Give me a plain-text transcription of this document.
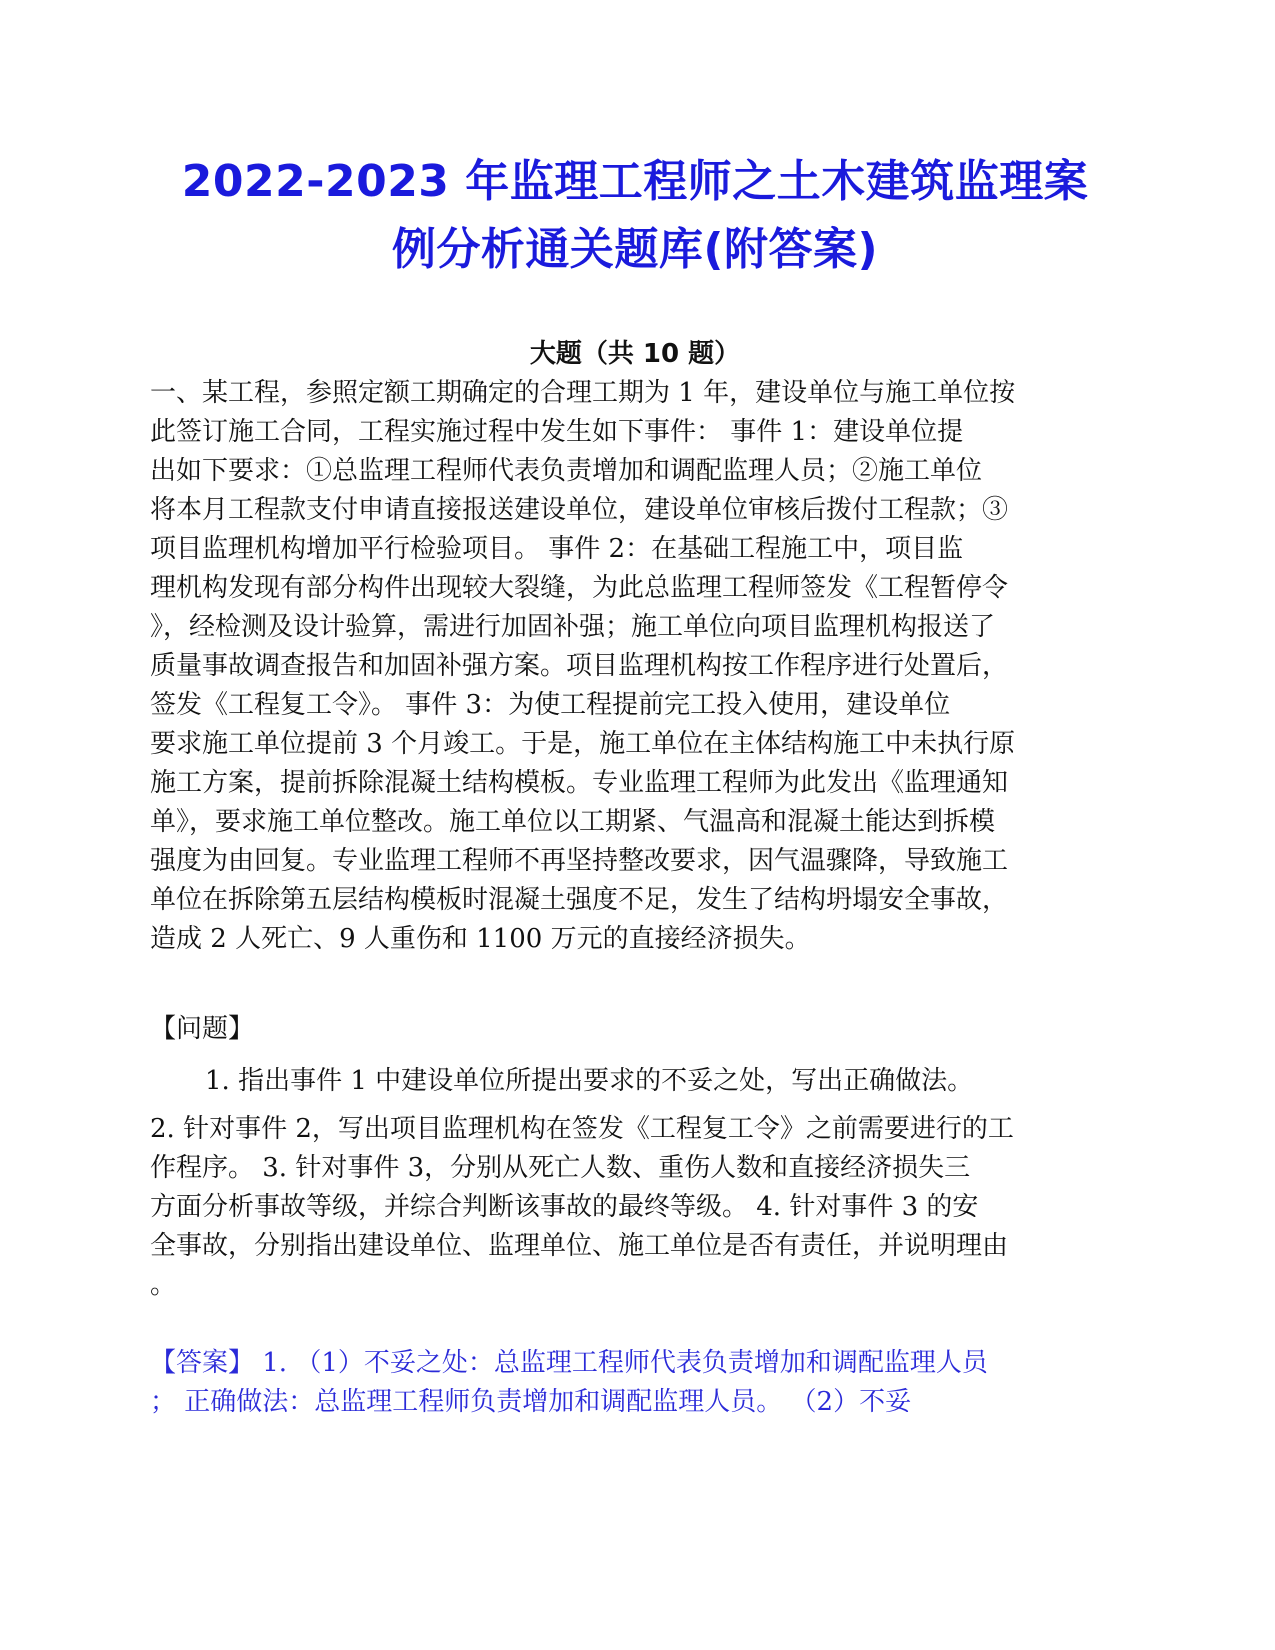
2022-2023 年监理工程师之土木建筑监理案
例分析通关题库(附答案)
大题（共 10 题）
一、某工程，参照定额工期确定的合理工期为 1 年，建设单位与施工单位按
此签订施工合同，工程实施过程中发生如下事件： 事件 1：建设单位提
出如下要求：①总监理工程师代表负责增加和调配监理人员；②施工单位
将本月工程款支付申请直接报送建设单位，建设单位审核后拨付工程款；③
项目监理机构增加平行检验项目。 事件 2：在基础工程施工中，项目监
理机构发现有部分构件出现较大裂缝，为此总监理工程师签发《工程暂停令
》，经检测及设计验算，需进行加固补强；施工单位向项目监理机构报送了
质量事故调查报告和加固补强方案。项目监理机构按工作程序进行处置后，
签发《工程复工令》。 事件 3：为使工程提前完工投入使用，建设单位
要求施工单位提前 3 个月竣工。于是，施工单位在主体结构施工中未执行原
施工方案，提前拆除混凝土结构模板。专业监理工程师为此发出《监理通知
单》，要求施工单位整改。施工单位以工期紧、气温高和混凝土能达到拆模
强度为由回复。专业监理工程师不再坚持整改要求，因气温骤降，导致施工
单位在拆除第五层结构模板时混凝土强度不足，发生了结构坍塌安全事故，
造成 2 人死亡、9 人重伤和 1100 万元的直接经济损失。
【问题】
1. 指出事件 1 中建设单位所提出要求的不妥之处，写出正确做法。
2. 针对事件 2，写出项目监理机构在签发《工程复工令》之前需要进行的工
作程序。 3. 针对事件 3，分别从死亡人数、重伤人数和直接经济损失三
方面分析事故等级，并综合判断该事故的最终等级。 4. 针对事件 3 的安
全事故，分别指出建设单位、监理单位、施工单位是否有责任，并说明理由
。
【答案】 1. （1）不妥之处：总监理工程师代表负责增加和调配监理人员
； 正确做法：总监理工程师负责增加和调配监理人员。 （2）不妥
